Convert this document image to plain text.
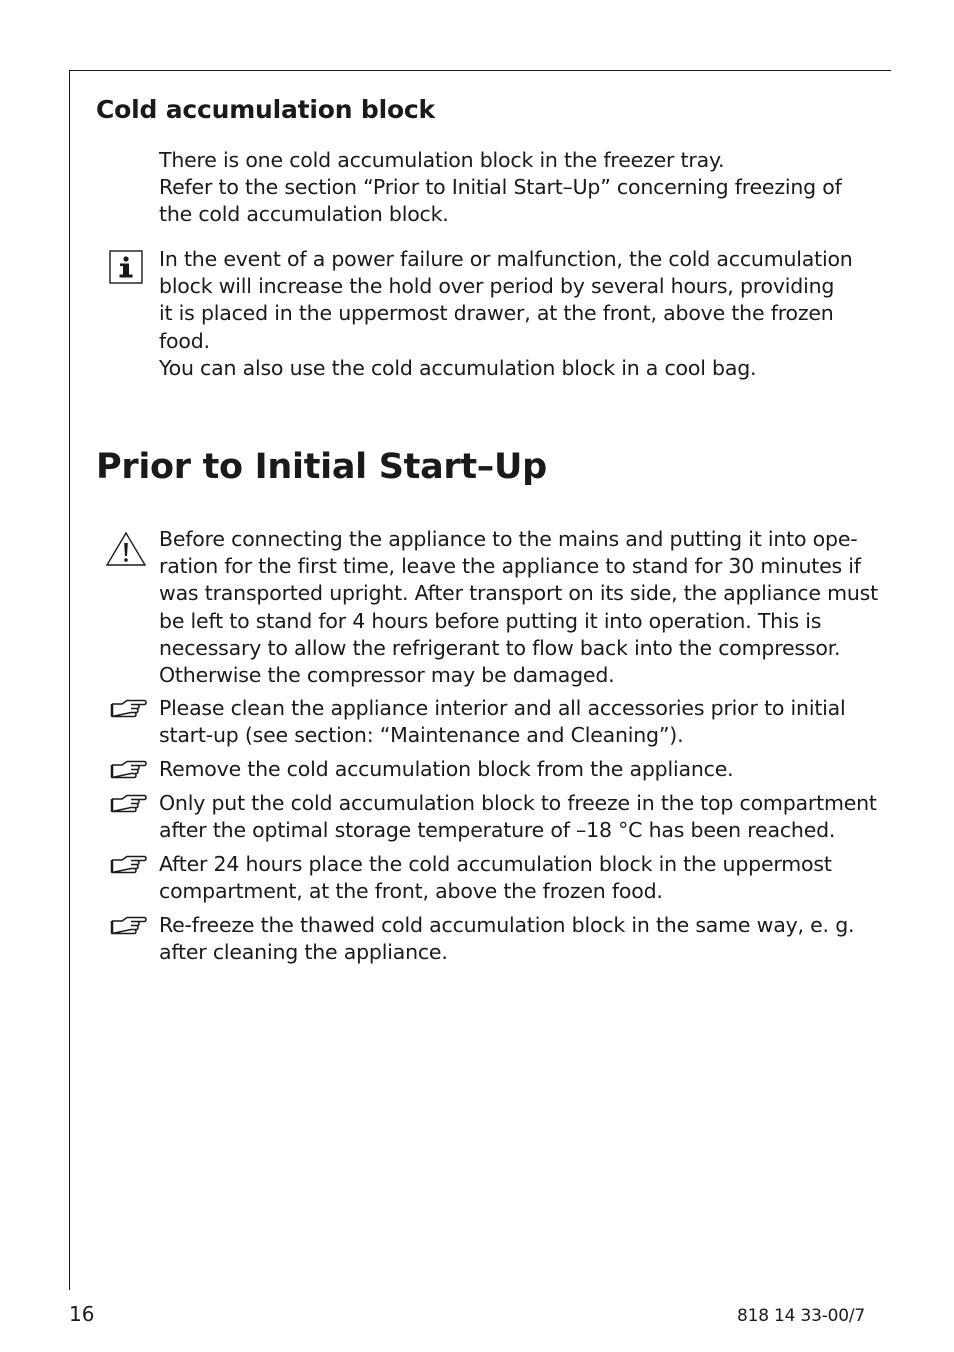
Cold accumulation block
There is one cold accumulation block in the freezer tray.
Refer to the section “Prior to Initial Start–Up” concerning freezing of
the cold accumulation block.
In the event of a power failure or malfunction, the cold accumulation
block will increase the hold over period by several hours, providing
it is placed in the uppermost drawer, at the front, above the frozen
food.
You can also use the cold accumulation block in a cool bag.
Prior to Initial Start–Up
Before connecting the appliance to the mains and putting it into ope-
ration for the first time, leave the appliance to stand for 30 minutes if
was transported upright. After transport on its side, the appliance must
be left to stand for 4 hours before putting it into operation. This is
necessary to allow the refrigerant to flow back into the compressor.
Otherwise the compressor may be damaged.
Please clean the appliance interior and all accessories prior to initial
start-up (see section: “Maintenance and Cleaning”).
Remove the cold accumulation block from the appliance.
Only put the cold accumulation block to freeze in the top compartment
after the optimal storage temperature of –18 °C has been reached.
After 24 hours place the cold accumulation block in the uppermost
compartment, at the front, above the frozen food.
Re-freeze the thawed cold accumulation block in the same way, e. g.
after cleaning the appliance.
16	818 14 33-00/7
